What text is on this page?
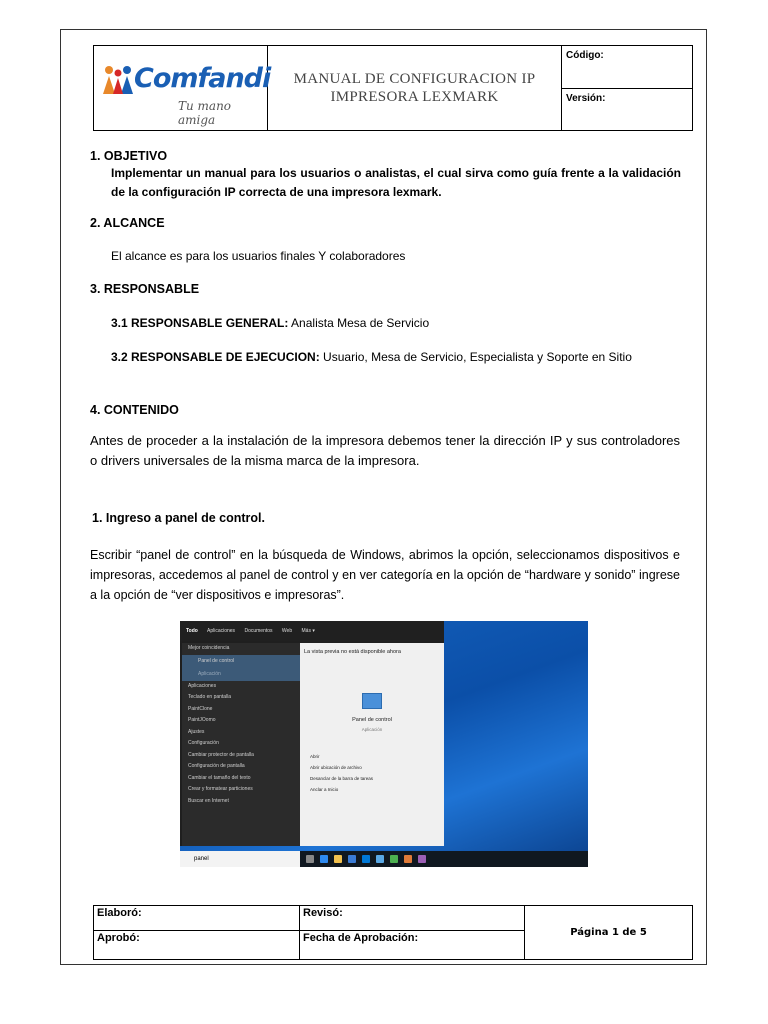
Comfandi
Tu mano amiga

MANUAL DE CONFIGURACION IP
IMPRESORA LEXMARK
	Código:
Versión:
1. OBJETIVO
Implementar un manual para los usuarios o analistas, el cual sirva como guía frente a la validación de la configuración IP correcta de una impresora lexmark.
2. ALCANCE
El alcance es para los usuarios finales Y colaboradores
3. RESPONSABLE
3.1 RESPONSABLE GENERAL: Analista Mesa de Servicio
3.2 RESPONSABLE DE EJECUCION: Usuario, Mesa de Servicio, Especialista y Soporte en Sitio
4. CONTENIDO
Antes de proceder a la instalación de la impresora debemos tener la dirección IP y sus controladores o drivers universales de la misma marca de la impresora.
1. Ingreso a panel de control.
Escribir “panel de control” en la búsqueda de Windows, abrimos la opción, seleccionamos dispositivos e impresoras, accedemos al panel de control y en ver categoría en la opción de “hardware y sonido” ingrese a la opción de “ver dispositivos e impresoras”.
Todo Aplicaciones Documentos Web Más ▾
Mejor coincidencia
Panel de control
Aplicación
Aplicaciones
Teclado en pantalla
PaintClone
PaintJOomo
Ajustes
Configuración
Cambiar protector de pantalla
Configuración de pantalla
Cambiar el tamaño del texto
Crear y formatear particiones
Buscar en Internet
La vista previa no está disponible ahora
Panel de control
Aplicación
Abrir
Abrir ubicación de archivo
Desanclar de la barra de tareas
Anclar a Inicio
panel
Elaboró:	Revisó:	Página 1 de 5
Aprobó:	Fecha de Aprobación:	
